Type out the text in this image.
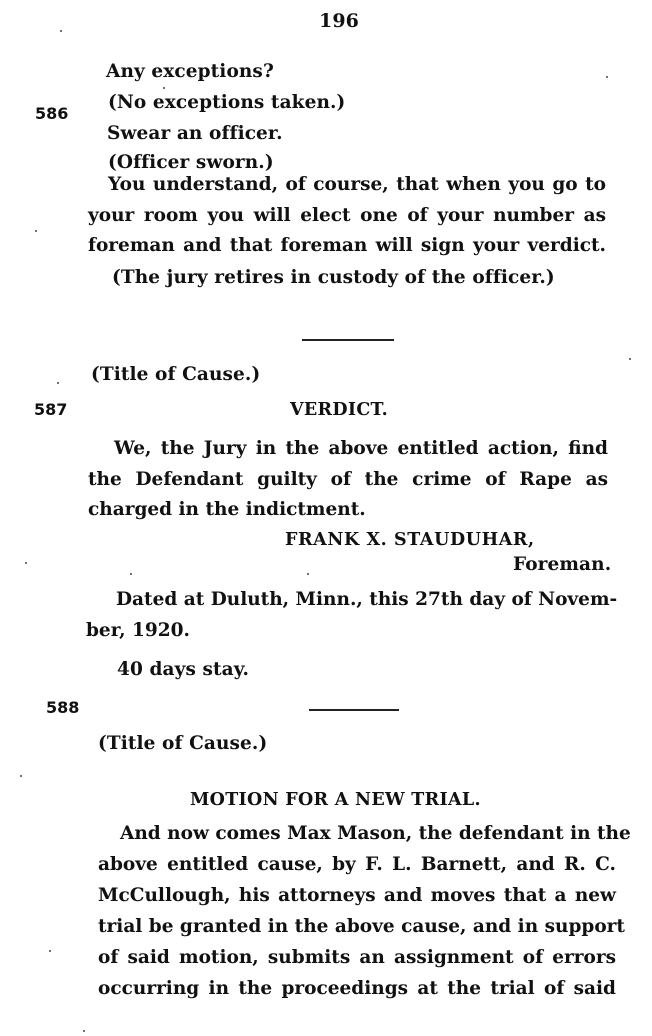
196
Any exceptions?
586
(No exceptions taken.)
Swear an officer.
(Officer sworn.)
You understand, of course, that when you go to
your room you will elect one of your number as
foreman and that foreman will sign your verdict.
(The jury retires in custody of the officer.)
(Title of Cause.)
587	VERDICT.
We, the Jury in the above entitled action, find
the Defendant guilty of the crime of Rape as
charged in the indictment.
FRANK X. STAUDUHAR,
Foreman.
Dated at Duluth, Minn., this 27th day of Novem-
ber, 1920.
40 days stay.
588
(Title of Cause.)
MOTION FOR A NEW TRIAL.
And now comes Max Mason, the defendant in the
above entitled cause, by F. L. Barnett, and R. C.
McCullough, his attorneys and moves that a new
trial be granted in the above cause, and in support
of said motion, submits an assignment of errors
occurring in the proceedings at the trial of said
